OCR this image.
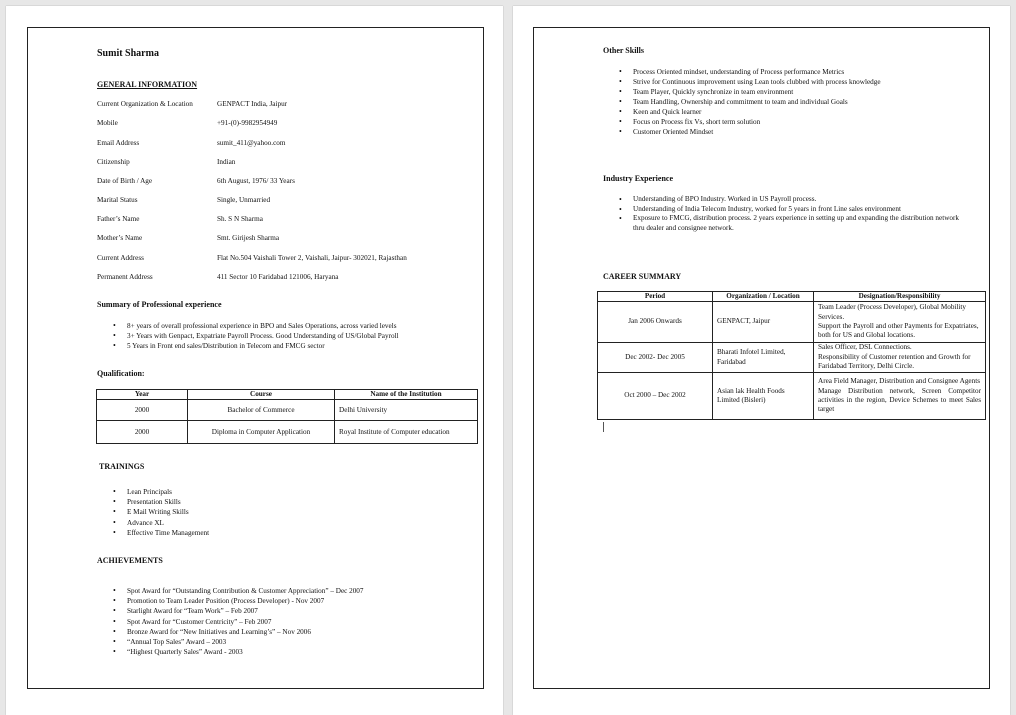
Sumit Sharma
GENERAL INFORMATION
Current Organization & Location	GENPACT India, Jaipur
Mobile	+91-(0)-9982954949
Email Address	sumit_411@yahoo.com
Citizenship	Indian
Date of Birth / Age	6th August, 1976/ 33 Years
Marital Status	Single, Unmarried
Father’s Name	Sh. S N Sharma
Mother’s Name	Smt. Girijesh Sharma
Current Address	Flat No.504 Vaishali Tower 2, Vaishali, Jaipur- 302021, Rajasthan
Permanent Address	411 Sector 10 Faridabad 121006, Haryana
Summary of Professional experience
• 8+ years of overall professional experience in BPO and Sales Operations, across varied levels
• 3+ Years with Genpact, Expatriate Payroll Process. Good Understanding of US/Global Payroll
• 5 Years in Front end sales/Distribution in Telecom and FMCG sector
Qualification:
Year	Course	Name of the Institution
2000	Bachelor of Commerce	Delhi University
2000	Diploma in Computer Application	Royal Institute of Computer education
TRAININGS
• Lean Principals
• Presentation Skills
• E Mail Writing Skills
• Advance XL
• Effective Time Management
ACHIEVEMENTS
• Spot Award for “Outstanding Contribution & Customer Appreciation” – Dec 2007
• Promotion to Team Leader Position (Process Developer) - Nov 2007
• Starlight Award for “Team Work” – Feb 2007
• Spot Award for “Customer Centricity” – Feb 2007
• Bronze Award for “New Initiatives and Learning’s” – Nov 2006
• “Annual Top Sales” Award – 2003
• “Highest Quarterly Sales” Award - 2003
Other Skills
• Process Oriented mindset, understanding of Process performance Metrics
• Strive for Continuous improvement using Lean tools clubbed with process knowledge
• Team Player, Quickly synchronize in team environment
• Team Handling, Ownership and commitment to team and individual Goals
• Keen and Quick learner
• Focus on Process fix Vs, short term solution
• Customer Oriented Mindset
Industry Experience
• Understanding of BPO Industry. Worked in US Payroll process.
• Understanding of India Telecom Industry, worked for 5 years in front Line sales environment
• Exposure to FMCG, distribution process. 2 years experience in setting up and expanding the distribution network thru dealer and consignee network.
CAREER SUMMARY
Period	Organization / Location	Designation/Responsibility
Jan 2006 Onwards	GENPACT, Jaipur	Team Leader (Process Developer), Global Mobility Services.
Support the Payroll and other Payments for Expatriates, both for US and Global locations.

Dec 2002- Dec 2005	Bharati Infotel Limited, Faridabad	Sales Officer, DSL Connections.
Responsibility of Customer retention and Growth for Faridabad Territory, Delhi Circle.

Oct 2000 – Dec 2002	Asian lak Health Foods Limited (Bisleri)	Area Field Manager, Distribution and Consignee Agents
Manage Distribution network, Screen Competitor activities in the region, Device Schemes to meet Sales target
